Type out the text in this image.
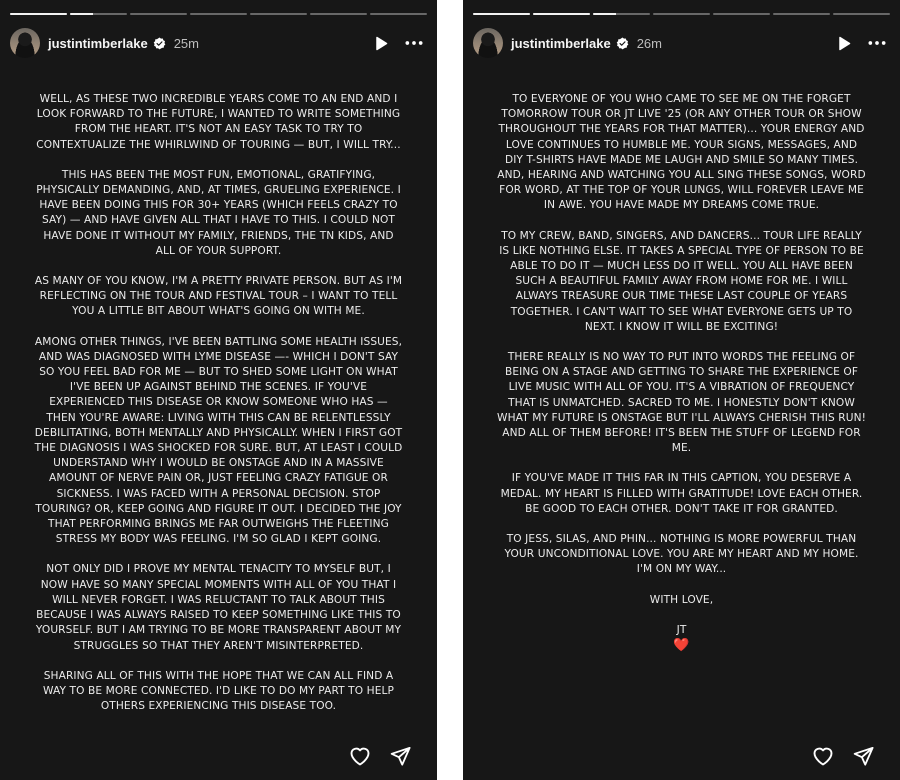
justintimberlake 25m

WELL, AS THESE TWO INCREDIBLE YEARS COME TO AN END AND I LOOK FORWARD TO THE FUTURE, I WANTED TO WRITE SOMETHING FROM THE HEART. IT'S NOT AN EASY TASK TO TRY TO CONTEXTUALIZE THE WHIRLWIND OF TOURING — BUT, I WILL TRY...

THIS HAS BEEN THE MOST FUN, EMOTIONAL, GRATIFYING, PHYSICALLY DEMANDING, AND, AT TIMES, GRUELING EXPERIENCE. I HAVE BEEN DOING THIS FOR 30+ YEARS (WHICH FEELS CRAZY TO SAY) — AND HAVE GIVEN ALL THAT I HAVE TO THIS. I COULD NOT HAVE DONE IT WITHOUT MY FAMILY, FRIENDS, THE TN KIDS, AND ALL OF YOUR SUPPORT.

AS MANY OF YOU KNOW, I'M A PRETTY PRIVATE PERSON. BUT AS I'M REFLECTING ON THE TOUR AND FESTIVAL TOUR – I WANT TO TELL YOU A LITTLE BIT ABOUT WHAT'S GOING ON WITH ME.

AMONG OTHER THINGS, I'VE BEEN BATTLING SOME HEALTH ISSUES, AND WAS DIAGNOSED WITH LYME DISEASE —- WHICH I DON'T SAY SO YOU FEEL BAD FOR ME — BUT TO SHED SOME LIGHT ON WHAT I'VE BEEN UP AGAINST BEHIND THE SCENES. IF YOU'VE EXPERIENCED THIS DISEASE OR KNOW SOMEONE WHO HAS — THEN YOU'RE AWARE: LIVING WITH THIS CAN BE RELENTLESSLY DEBILITATING, BOTH MENTALLY AND PHYSICALLY. WHEN I FIRST GOT THE DIAGNOSIS I WAS SHOCKED FOR SURE. BUT, AT LEAST I COULD UNDERSTAND WHY I WOULD BE ONSTAGE AND IN A MASSIVE AMOUNT OF NERVE PAIN OR, JUST FEELING CRAZY FATIGUE OR SICKNESS. I WAS FACED WITH A PERSONAL DECISION. STOP TOURING? OR, KEEP GOING AND FIGURE IT OUT. I DECIDED THE JOY THAT PERFORMING BRINGS ME FAR OUTWEIGHS THE FLEETING STRESS MY BODY WAS FEELING. I'M SO GLAD I KEPT GOING.

NOT ONLY DID I PROVE MY MENTAL TENACITY TO MYSELF BUT, I NOW HAVE SO MANY SPECIAL MOMENTS WITH ALL OF YOU THAT I WILL NEVER FORGET. I WAS RELUCTANT TO TALK ABOUT THIS BECAUSE I WAS ALWAYS RAISED TO KEEP SOMETHING LIKE THIS TO YOURSELF. BUT I AM TRYING TO BE MORE TRANSPARENT ABOUT MY STRUGGLES SO THAT THEY AREN'T MISINTERPRETED.

SHARING ALL OF THIS WITH THE HOPE THAT WE CAN ALL FIND A WAY TO BE MORE CONNECTED. I'D LIKE TO DO MY PART TO HELP OTHERS EXPERIENCING THIS DISEASE TOO.

justintimberlake 26m

TO EVERYONE OF YOU WHO CAME TO SEE ME ON THE FORGET TOMORROW TOUR OR JT LIVE '25 (OR ANY OTHER TOUR OR SHOW THROUGHOUT THE YEARS FOR THAT MATTER)... YOUR ENERGY AND LOVE CONTINUES TO HUMBLE ME. YOUR SIGNS, MESSAGES, AND DIY T-SHIRTS HAVE MADE ME LAUGH AND SMILE SO MANY TIMES. AND, HEARING AND WATCHING YOU ALL SING THESE SONGS, WORD FOR WORD, AT THE TOP OF YOUR LUNGS, WILL FOREVER LEAVE ME IN AWE. YOU HAVE MADE MY DREAMS COME TRUE.

TO MY CREW, BAND, SINGERS, AND DANCERS... TOUR LIFE REALLY IS LIKE NOTHING ELSE. IT TAKES A SPECIAL TYPE OF PERSON TO BE ABLE TO DO IT — MUCH LESS DO IT WELL. YOU ALL HAVE BEEN SUCH A BEAUTIFUL FAMILY AWAY FROM HOME FOR ME. I WILL ALWAYS TREASURE OUR TIME THESE LAST COUPLE OF YEARS TOGETHER. I CAN'T WAIT TO SEE WHAT EVERYONE GETS UP TO NEXT. I KNOW IT WILL BE EXCITING!

THERE REALLY IS NO WAY TO PUT INTO WORDS THE FEELING OF BEING ON A STAGE AND GETTING TO SHARE THE EXPERIENCE OF LIVE MUSIC WITH ALL OF YOU. IT'S A VIBRATION OF FREQUENCY THAT IS UNMATCHED. SACRED TO ME. I HONESTLY DON'T KNOW WHAT MY FUTURE IS ONSTAGE BUT I'LL ALWAYS CHERISH THIS RUN! AND ALL OF THEM BEFORE! IT'S BEEN THE STUFF OF LEGEND FOR ME.

IF YOU'VE MADE IT THIS FAR IN THIS CAPTION, YOU DESERVE A MEDAL. MY HEART IS FILLED WITH GRATITUDE! LOVE EACH OTHER. BE GOOD TO EACH OTHER. DON'T TAKE IT FOR GRANTED.

TO JESS, SILAS, AND PHIN... NOTHING IS MORE POWERFUL THAN YOUR UNCONDITIONAL LOVE. YOU ARE MY HEART AND MY HOME. I'M ON MY WAY...

WITH LOVE,

JT
❤️
